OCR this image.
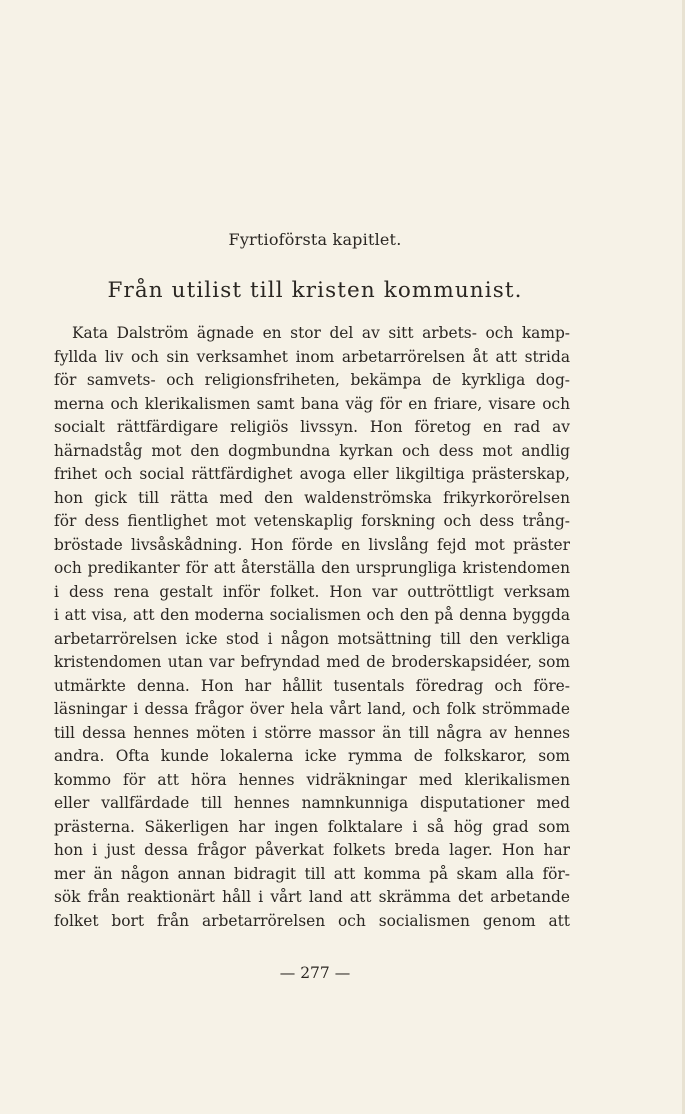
Fyrtioförsta kapitlet.
Från utilist till kristen kommunist.
Kata Dalström ägnade en stor del av sitt arbets- och kamp-
fyllda liv och sin verksamhet inom arbetarrörelsen åt att strida
för samvets- och religionsfriheten, bekämpa de kyrkliga dog-
merna och klerikalismen samt bana väg för en friare, visare och
socialt rättfärdigare religiös livssyn. Hon företog en rad av
härnadståg mot den dogmbundna kyrkan och dess mot andlig
frihet och social rättfärdighet avoga eller likgiltiga prästerskap,
hon gick till rätta med den waldenströmska frikyrkorörelsen
för dess fientlighet mot vetenskaplig forskning och dess trång-
bröstade livsåskådning. Hon förde en livslång fejd mot präster
och predikanter för att återställa den ursprungliga kristendomen
i dess rena gestalt inför folket. Hon var outtröttligt verksam
i att visa, att den moderna socialismen och den på denna byggda
arbetarrörelsen icke stod i någon motsättning till den verkliga
kristendomen utan var befryndad med de broderskapsidéer, som
utmärkte denna. Hon har hållit tusentals föredrag och före-
läsningar i dessa frågor över hela vårt land, och folk strömmade
till dessa hennes möten i större massor än till några av hennes
andra. Ofta kunde lokalerna icke rymma de folkskaror, som
kommo för att höra hennes vidräkningar med klerikalismen
eller vallfärdade till hennes namnkunniga disputationer med
prästerna. Säkerligen har ingen folktalare i så hög grad som
hon i just dessa frågor påverkat folkets breda lager. Hon har
mer än någon annan bidragit till att komma på skam alla för-
sök från reaktionärt håll i vårt land att skrämma det arbetande
folket bort från arbetarrörelsen och socialismen genom att
— 277 —
